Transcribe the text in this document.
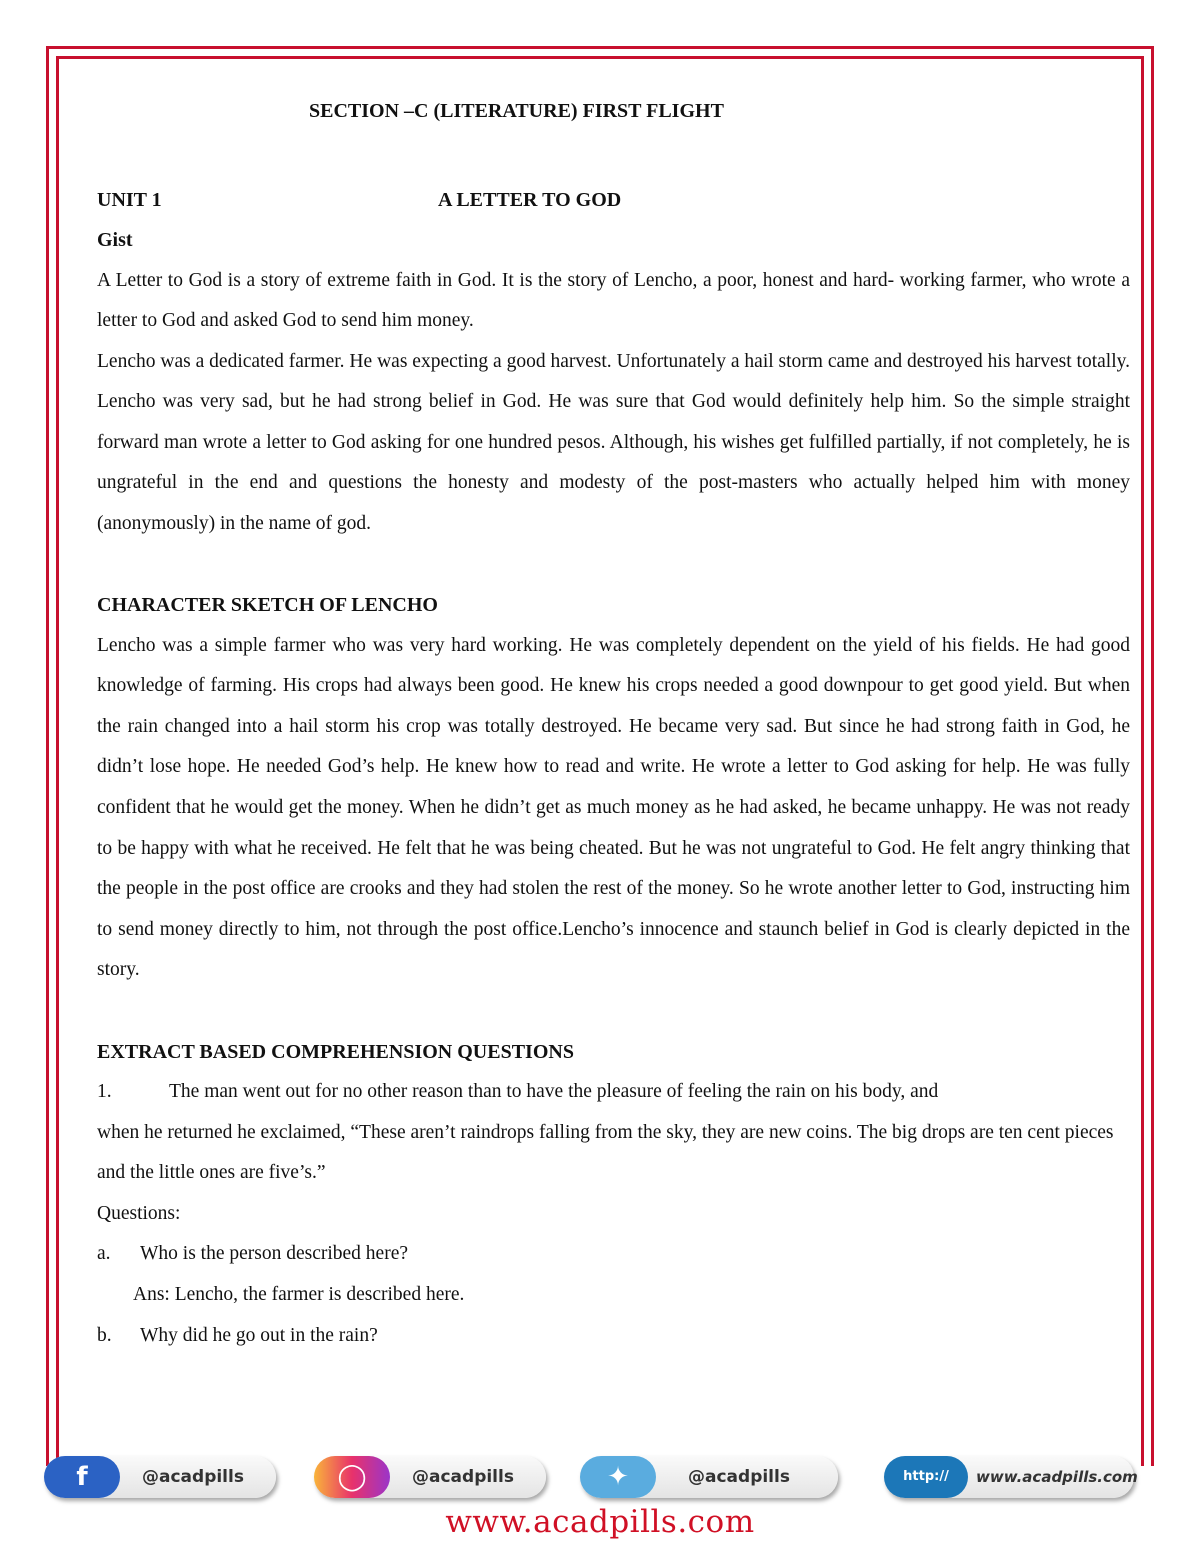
SECTION –C (LITERATURE) FIRST FLIGHT
UNIT 1	A LETTER TO GOD
Gist

A Letter to God is a story of extreme faith in God. It is the story of Lencho, a poor, honest and hard- working farmer, who wrote a letter to God and asked God to send him money.

Lencho was a dedicated farmer. He was expecting a good harvest. Unfortunately a hail storm came and destroyed his harvest totally. Lencho was very sad, but he had strong belief in God. He was sure that God would definitely help him. So the simple straight forward man wrote a letter to God asking for one hundred pesos. Although, his wishes get fulfilled partially, if not completely, he is ungrateful in the end and questions the honesty and modesty of the post-masters who actually helped him with money (anonymously) in the name of god.

CHARACTER SKETCH OF LENCHO

Lencho was a simple farmer who was very hard working. He was completely dependent on the yield of his fields. He had good knowledge of farming. His crops had always been good. He knew his crops needed a good downpour to get good yield. But when the rain changed into a hail storm his crop was totally destroyed. He became very sad. But since he had strong faith in God, he didn’t lose hope. He needed God’s help. He knew how to read and write. He wrote a letter to God asking for help. He was fully confident that he would get the money. When he didn’t get as much money as he had asked, he became unhappy. He was not ready to be happy with what he received. He felt that he was being cheated. But he was not ungrateful to God. He felt angry thinking that the people in the post office are crooks and they had stolen the rest of the money. So he wrote another letter to God, instructing him to send money directly to him, not through the post office.Lencho’s innocence and staunch belief in God is clearly depicted in the story.

EXTRACT BASED COMPREHENSION QUESTIONS
1.	The man went out for no other reason than to have the pleasure of feeling the rain on his body, and

when he returned he exclaimed, “These aren’t raindrops falling from the sky, they are new coins. The big drops are ten cent pieces and the little ones are five’s.”

Questions:
a. Who is the person described here?
Ans: Lencho, the farmer is described here.
b. Why did he go out in the rain?
f	@acadpills	◯	@acadpills	✦	@acadpills	http://	www.acadpills.com
www.acadpills.com
